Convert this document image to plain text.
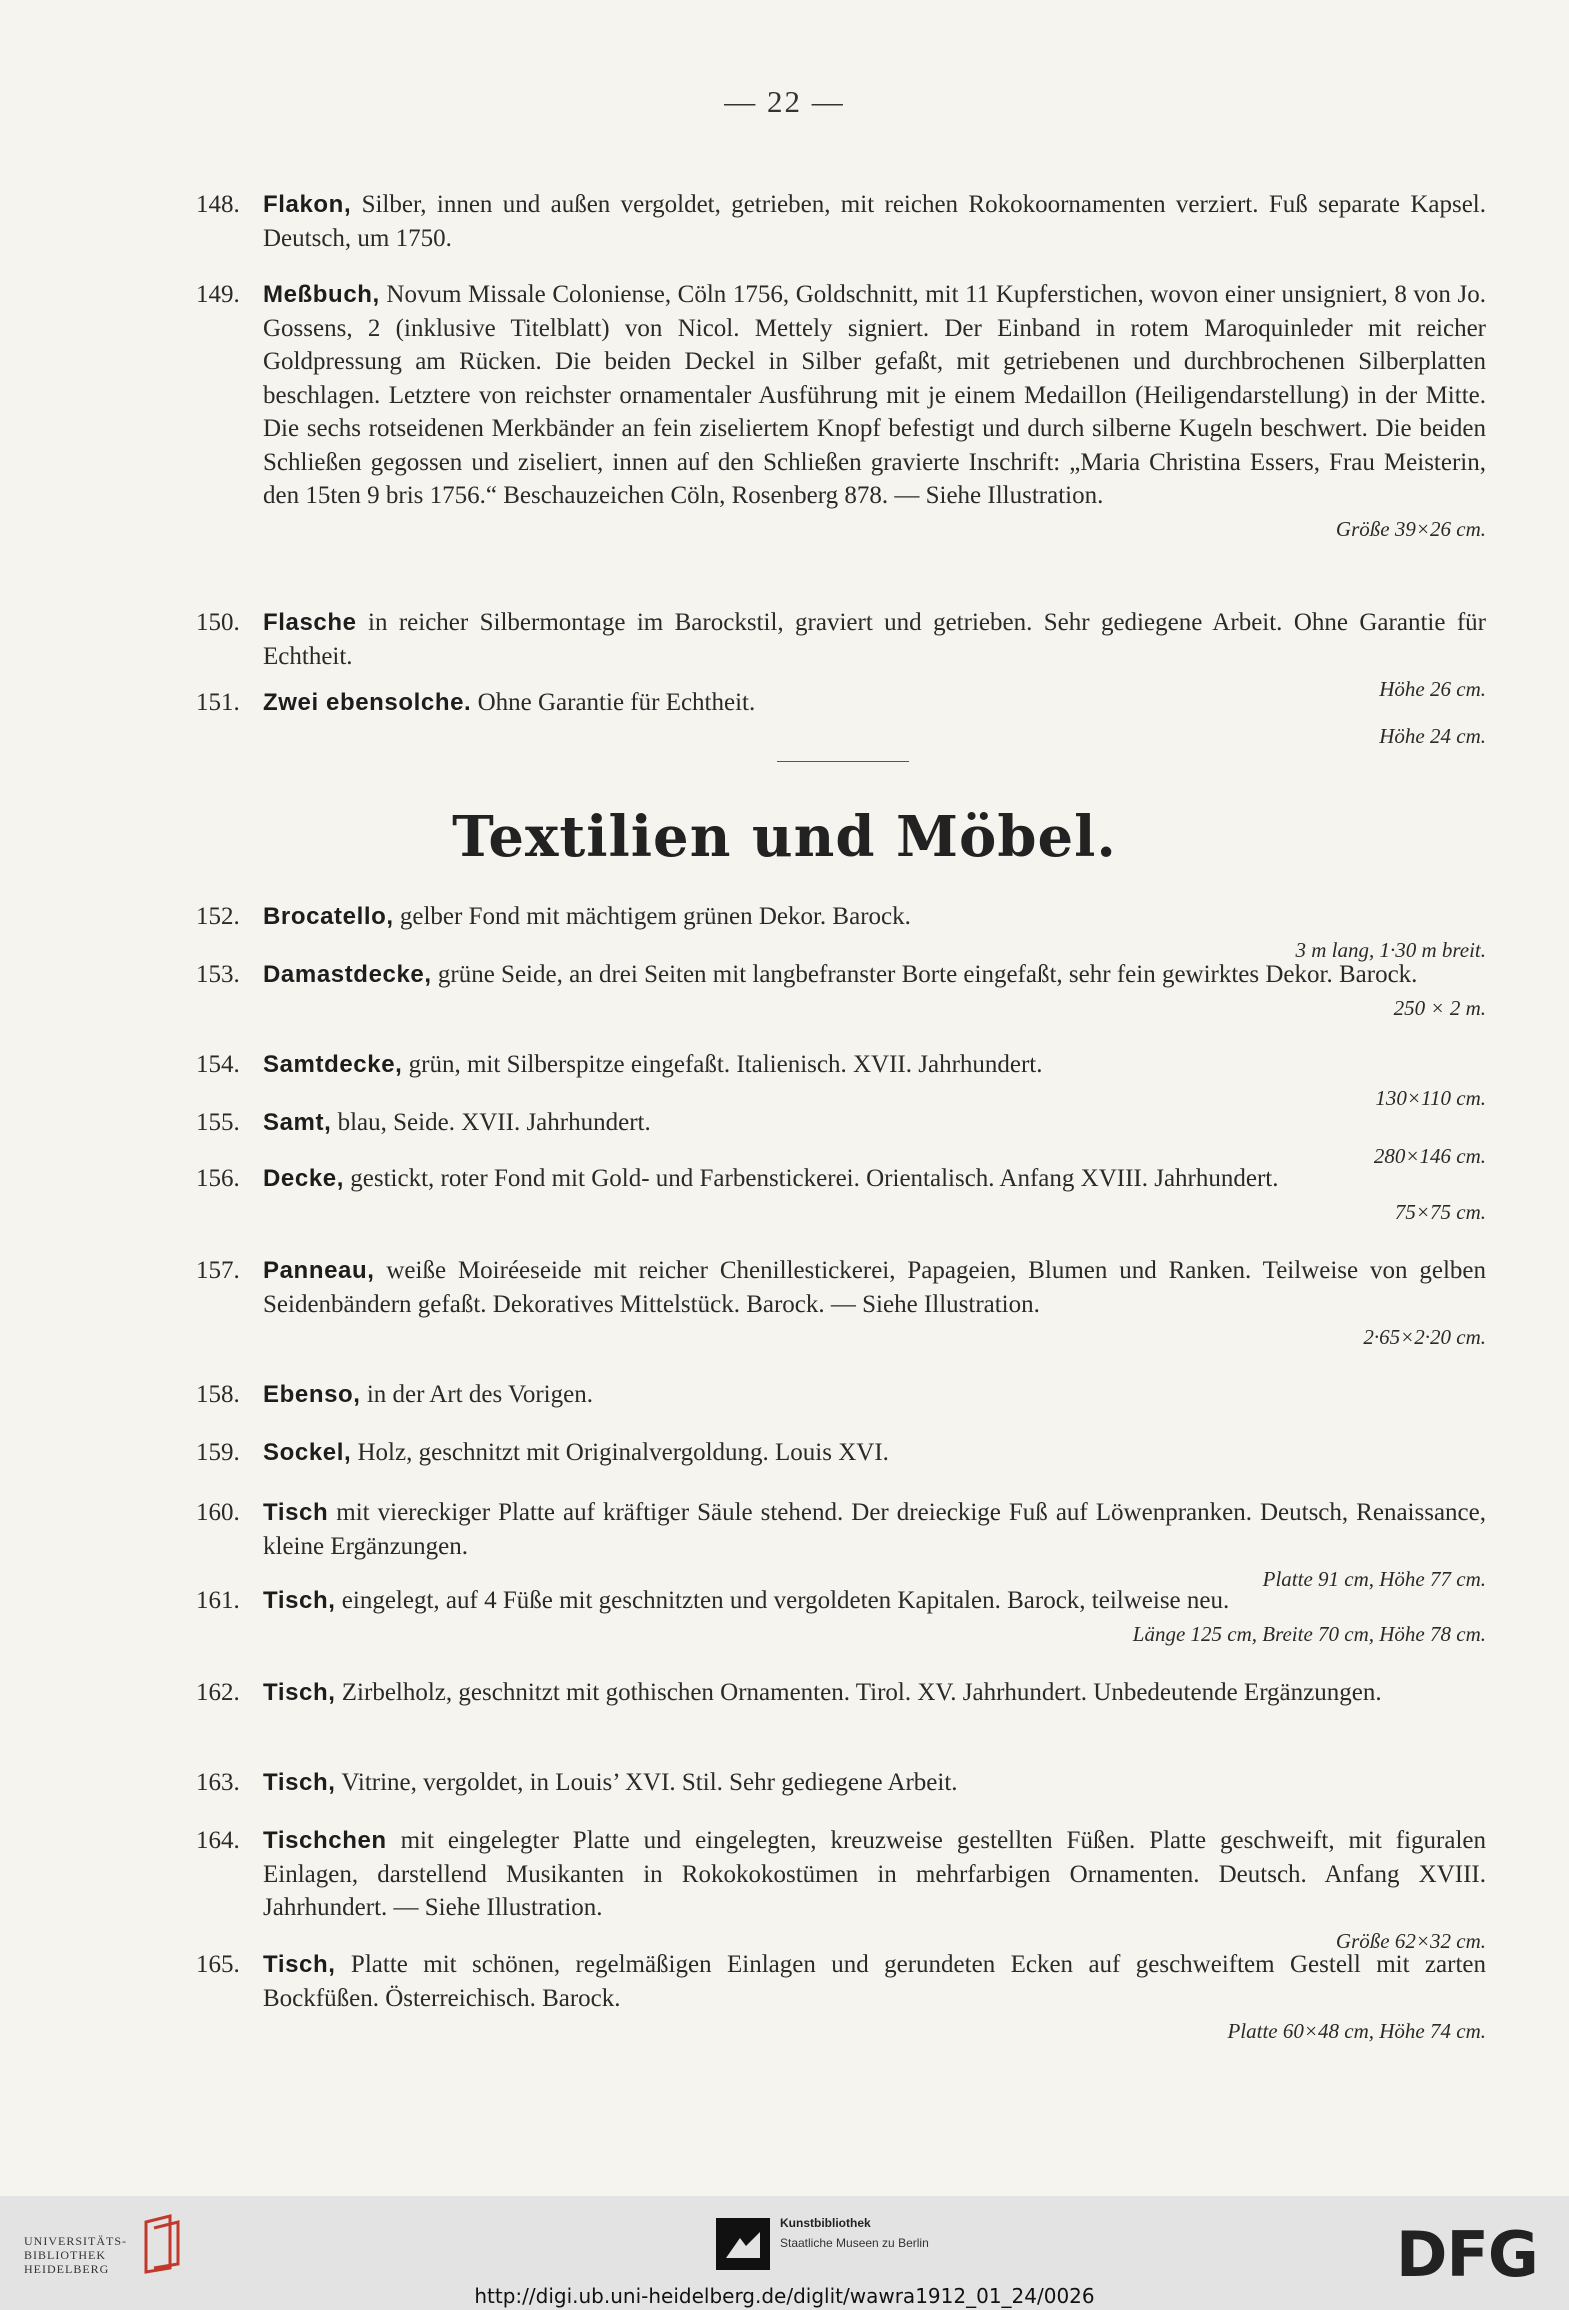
— 22 —
148. Flakon, Silber, innen und außen vergoldet, getrieben, mit reichen Rokokoornamenten verziert. Fuß separate Kapsel. Deutsch, um 1750.
149. Meßbuch, Novum Missale Coloniense, Cöln 1756, Goldschnitt, mit 11 Kupferstichen, wovon einer unsigniert, 8 von Jo. Gossens, 2 (inklusive Titelblatt) von Nicol. Mettely signiert. Der Einband in rotem Maroquinleder mit reicher Goldpressung am Rücken. Die beiden Deckel in Silber gefaßt, mit getriebenen und durchbrochenen Silberplatten beschlagen. Letztere von reichster ornamentaler Ausführung mit je einem Medaillon (Heiligendarstellung) in der Mitte. Die sechs rotseidenen Merkbänder an fein ziseliertem Knopf befestigt und durch silberne Kugeln beschwert. Die beiden Schließen gegossen und ziseliert, innen auf den Schließen gravierte Inschrift: „Maria Christina Essers, Frau Meisterin, den 15ten 9 bris 1756.“ Beschauzeichen Cöln, Rosenberg 878. — Siehe Illustration.
Größe 39×26 cm.
150. Flasche in reicher Silbermontage im Barockstil, graviert und getrieben. Sehr gediegene Arbeit. Ohne Garantie für Echtheit.
Höhe 26 cm.
151. Zwei ebensolche. Ohne Garantie für Echtheit.
Höhe 24 cm.
Textilien und Möbel.
152. Brocatello, gelber Fond mit mächtigem grünen Dekor. Barock.
3 m lang, 1·30 m breit.
153. Damastdecke, grüne Seide, an drei Seiten mit langbefranster Borte eingefaßt, sehr fein gewirktes Dekor. Barock.
250 × 2 m.
154. Samtdecke, grün, mit Silberspitze eingefaßt. Italienisch. XVII. Jahrhundert.
130×110 cm.
155. Samt, blau, Seide. XVII. Jahrhundert.
280×146 cm.
156. Decke, gestickt, roter Fond mit Gold- und Farbenstickerei. Orientalisch. Anfang XVIII. Jahrhundert.
75×75 cm.
157. Panneau, weiße Moiréeseide mit reicher Chenillestickerei, Papageien, Blumen und Ranken. Teilweise von gelben Seidenbändern gefaßt. Dekoratives Mittelstück. Barock. — Siehe Illustration.
2·65×2·20 cm.
158. Ebenso, in der Art des Vorigen.
159. Sockel, Holz, geschnitzt mit Originalvergoldung. Louis XVI.
160. Tisch mit viereckiger Platte auf kräftiger Säule stehend. Der dreieckige Fuß auf Löwenpranken. Deutsch, Renaissance, kleine Ergänzungen.
Platte 91 cm, Höhe 77 cm.
161. Tisch, eingelegt, auf 4 Füße mit geschnitzten und vergoldeten Kapitalen. Barock, teilweise neu.
Länge 125 cm, Breite 70 cm, Höhe 78 cm.
162. Tisch, Zirbelholz, geschnitzt mit gothischen Ornamenten. Tirol. XV. Jahrhundert. Unbedeutende Ergänzungen.
163. Tisch, Vitrine, vergoldet, in Louis’ XVI. Stil. Sehr gediegene Arbeit.
164. Tischchen mit eingelegter Platte und eingelegten, kreuzweise gestellten Füßen. Platte geschweift, mit figuralen Einlagen, darstellend Musikanten in Rokokokostümen in mehrfarbigen Ornamenten. Deutsch. Anfang XVIII. Jahrhundert. — Siehe Illustration.
Größe 62×32 cm.
165. Tisch, Platte mit schönen, regelmäßigen Einlagen und gerundeten Ecken auf geschweiftem Gestell mit zarten Bockfüßen. Österreichisch. Barock.
Platte 60×48 cm, Höhe 74 cm.
UNIVERSITÄTS-
BIBLIOTHEK
HEIDELBERG
Kunstbibliothek
Staatliche Museen zu Berlin	DFG
http://digi.ub.uni-heidelberg.de/diglit/wawra1912_01_24/0026
